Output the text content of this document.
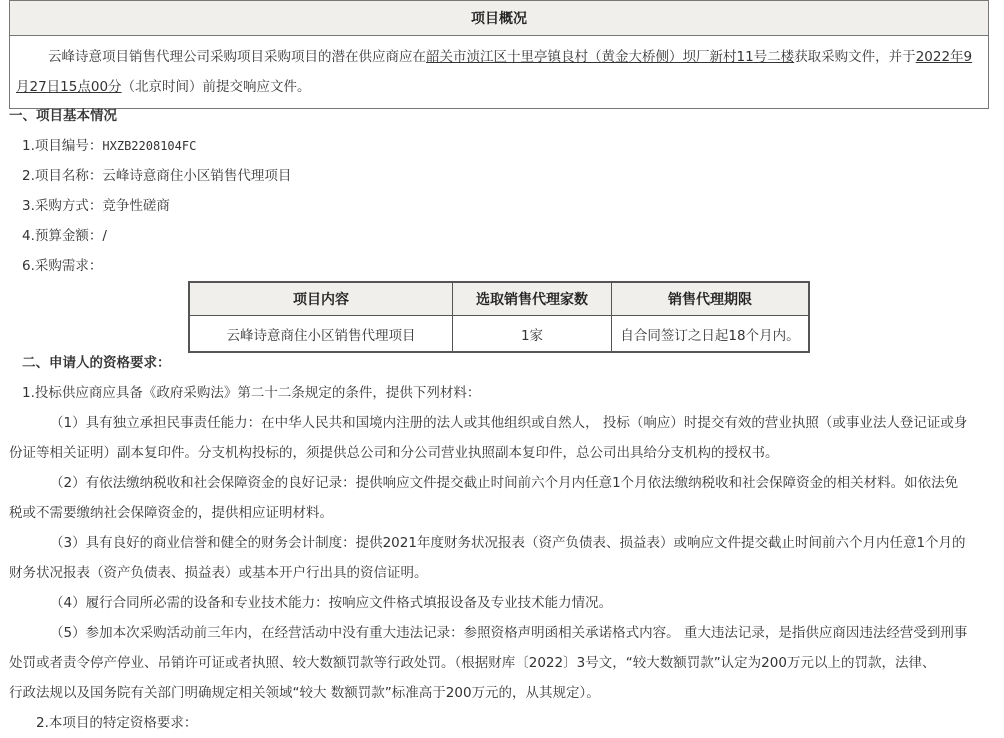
项目概况
云峰诗意项目销售代理公司采购项目采购项目的潜在供应商应在韶关市浈江区十里亭镇良村（黄金大桥侧）坝厂新村11号二楼获取采购文件，并于2022年9月27日15点00分（北京时间）前提交响应文件。
一、项目基本情况
1.项目编号：HXZB2208104FC
2.项目名称：云峰诗意商住小区销售代理项目
3.采购方式：竞争性磋商
4.预算金额：/
6.采购需求：
项目内容	选取销售代理家数	销售代理期限
云峰诗意商住小区销售代理项目	1家	自合同签订之日起18个月内。
二、申请人的资格要求：
1.投标供应商应具备《政府采购法》第二十二条规定的条件，提供下列材料：
（1）具有独立承担民事责任能力：在中华人民共和国境内注册的法人或其他组织或自然人， 投标（响应）时提交有效的营业执照（或事业法人登记证或身
份证等相关证明）副本复印件。分支机构投标的，须提供总公司和分公司营业执照副本复印件，总公司出具给分支机构的授权书。
（2）有依法缴纳税收和社会保障资金的良好记录：提供响应文件提交截止时间前六个月内任意1个月依法缴纳税收和社会保障资金的相关材料。如依法免
税或不需要缴纳社会保障资金的，提供相应证明材料。
（3）具有良好的商业信誉和健全的财务会计制度：提供2021年度财务状况报表（资产负债表、损益表）或响应文件提交截止时间前六个月内任意1个月的
财务状况报表（资产负债表、损益表）或基本开户行出具的资信证明。
（4）履行合同所必需的设备和专业技术能力：按响应文件格式填报设备及专业技术能力情况。
（5）参加本次采购活动前三年内，在经营活动中没有重大违法记录：参照资格声明函相关承诺格式内容。 重大违法记录，是指供应商因违法经营受到刑事
处罚或者责令停产停业、吊销许可证或者执照、较大数额罚款等行政处罚。（根据财库〔2022〕3号文，“较大数额罚款”认定为200万元以上的罚款，法律、
行政法规以及国务院有关部门明确规定相关领域“较大 数额罚款”标准高于200万元的，从其规定）。
2.本项目的特定资格要求：
